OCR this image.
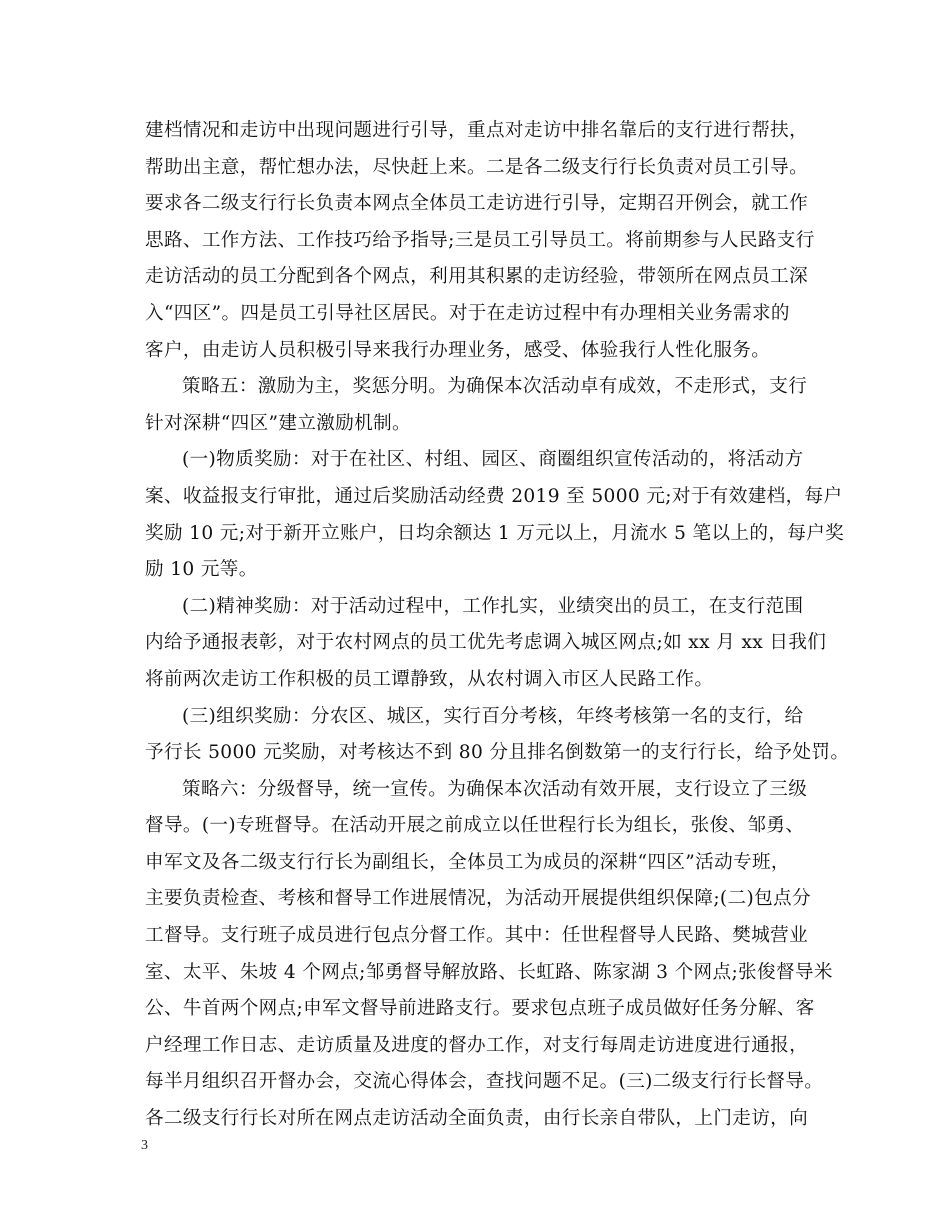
建档情况和走访中出现问题进行引导，重点对走访中排名靠后的支行进行帮扶，
帮助出主意，帮忙想办法，尽快赶上来。二是各二级支行行长负责对员工引导。
要求各二级支行行长负责本网点全体员工走访进行引导，定期召开例会，就工作
思路、工作方法、工作技巧给予指导;三是员工引导员工。将前期参与人民路支行
走访活动的员工分配到各个网点，利用其积累的走访经验，带领所在网点员工深
入“四区”。四是员工引导社区居民。对于在走访过程中有办理相关业务需求的
客户，由走访人员积极引导来我行办理业务，感受、体验我行人性化服务。
策略五：激励为主，奖惩分明。为确保本次活动卓有成效，不走形式，支行
针对深耕“四区”建立激励机制。
(一)物质奖励：对于在社区、村组、园区、商圈组织宣传活动的，将活动方
案、收益报支行审批，通过后奖励活动经费 2019 至 5000 元;对于有效建档，每户
奖励 10 元;对于新开立账户，日均余额达 1 万元以上，月流水 5 笔以上的，每户奖
励 10 元等。
(二)精神奖励：对于活动过程中，工作扎实，业绩突出的员工，在支行范围
内给予通报表彰，对于农村网点的员工优先考虑调入城区网点;如 xx 月 xx 日我们
将前两次走访工作积极的员工谭静致，从农村调入市区人民路工作。
(三)组织奖励：分农区、城区，实行百分考核，年终考核第一名的支行，给
予行长 5000 元奖励，对考核达不到 80 分且排名倒数第一的支行行长，给予处罚。
策略六：分级督导，统一宣传。为确保本次活动有效开展，支行设立了三级
督导。(一)专班督导。在活动开展之前成立以任世程行长为组长，张俊、邹勇、
申军文及各二级支行行长为副组长，全体员工为成员的深耕“四区”活动专班，
主要负责检查、考核和督导工作进展情况，为活动开展提供组织保障;(二)包点分
工督导。支行班子成员进行包点分督工作。其中：任世程督导人民路、樊城营业
室、太平、朱坡 4 个网点;邹勇督导解放路、长虹路、陈家湖 3 个网点;张俊督导米
公、牛首两个网点;申军文督导前进路支行。要求包点班子成员做好任务分解、客
户经理工作日志、走访质量及进度的督办工作，对支行每周走访进度进行通报，
每半月组织召开督办会，交流心得体会，查找问题不足。(三)二级支行行长督导。
各二级支行行长对所在网点走访活动全面负责，由行长亲自带队，上门走访，向
3
